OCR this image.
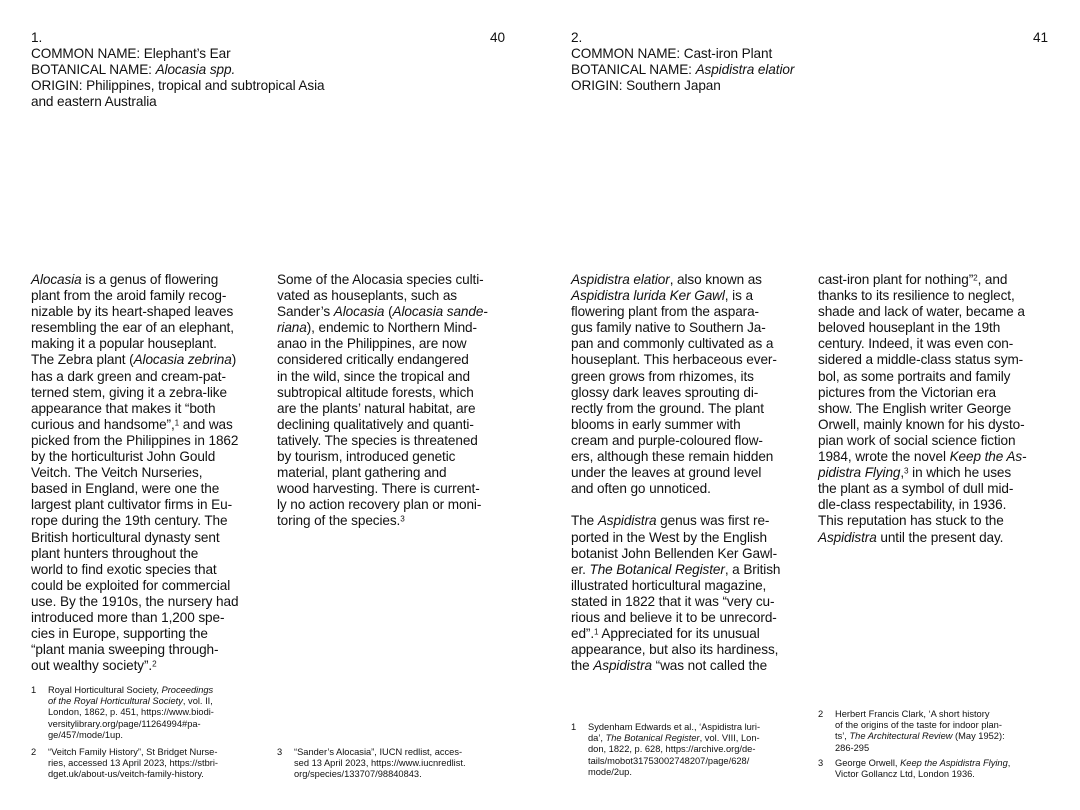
1.
COMMON NAME: Elephant’s Ear
BOTANICAL NAME: Alocasia spp.
ORIGIN: Philippines, tropical and subtropical Asia
and eastern Australia
40
Alocasia is a genus of flowering
plant from the aroid family recog-
nizable by its heart-shaped leaves
resembling the ear of an elephant,
making it a popular houseplant.
The Zebra plant (Alocasia zebrina)
has a dark green and cream-pat-
terned stem, giving it a zebra-like
appearance that makes it “both
curious and handsome”,$^1$ and was
picked from the Philippines in 1862
by the horticulturist John Gould
Veitch. The Veitch Nurseries,
based in England, were one the
largest plant cultivator firms in Eu-
rope during the 19th century. The
British horticultural dynasty sent
plant hunters throughout the
world to find exotic species that
could be exploited for commercial
use. By the 1910s, the nursery had
introduced more than 1,200 spe-
cies in Europe, supporting the
“plant mania sweeping through-
out wealthy society”.$^2$
Some of the Alocasia species culti-
vated as houseplants, such as
Sander’s Alocasia (Alocasia sande-
riana), endemic to Northern Mind-
anao in the Philippines, are now
considered critically endangered
in the wild, since the tropical and
subtropical altitude forests, which
are the plants’ natural habitat, are
declining qualitatively and quanti-
tatively. The species is threatened
by tourism, introduced genetic
material, plant gathering and
wood harvesting. There is current-
ly no action recovery plan or moni-
toring of the species.$^3$
1 Royal Horticultural Society, Proceedings
of the Royal Horticultural Society, vol. II,
London, 1862, p. 451, https://www.biodi-
versitylibrary.org/page/11264994#pa-
ge/457/mode/1up.
2 “Veitch Family History”, St Bridget Nurse-
ries, accessed 13 April 2023, https://stbri-
dget.uk/about-us/veitch-family-history.
3 “Sander’s Alocasia”, IUCN redlist, acces-
sed 13 April 2023, https://www.iucnredlist.
org/species/133707/98840843.
2.
COMMON NAME: Cast-iron Plant
BOTANICAL NAME: Aspidistra elatior
ORIGIN: Southern Japan
41
Aspidistra elatior, also known as
Aspidistra lurida Ker Gawl, is a
flowering plant from the aspara-
gus family native to Southern Ja-
pan and commonly cultivated as a
houseplant. This herbaceous ever-
green grows from rhizomes, its
glossy dark leaves sprouting di-
rectly from the ground. The plant
blooms in early summer with
cream and purple-coloured flow-
ers, although these remain hidden
under the leaves at ground level
and often go unnoticed.
The Aspidistra genus was first re-
ported in the West by the English
botanist John Bellenden Ker Gawl-
er. The Botanical Register, a British
illustrated horticultural magazine,
stated in 1822 that it was “very cu-
rious and believe it to be unrecord-
ed”.$^1$ Appreciated for its unusual
appearance, but also its hardiness,
the Aspidistra “was not called the
cast-iron plant for nothing”$^2$, and
thanks to its resilience to neglect,
shade and lack of water, became a
beloved houseplant in the 19th
century. Indeed, it was even con-
sidered a middle-class status sym-
bol, as some portraits and family
pictures from the Victorian era
show. The English writer George
Orwell, mainly known for his dysto-
pian work of social science fiction
1984, wrote the novel Keep the As-
pidistra Flying,$^3$ in which he uses
the plant as a symbol of dull mid-
dle-class respectability, in 1936.
This reputation has stuck to the
Aspidistra until the present day.
1 Sydenham Edwards et al., ‘Aspidistra luri-
da’, The Botanical Register, vol. VIII, Lon-
don, 1822, p. 628, https://archive.org/de-
tails/mobot31753002748207/page/628/
mode/2up.
2 Herbert Francis Clark, ‘A short history
of the origins of the taste for indoor plan-
ts’, The Architectural Review (May 1952):
286-295
3 George Orwell, Keep the Aspidistra Flying,
Victor Gollancz Ltd, London 1936.
